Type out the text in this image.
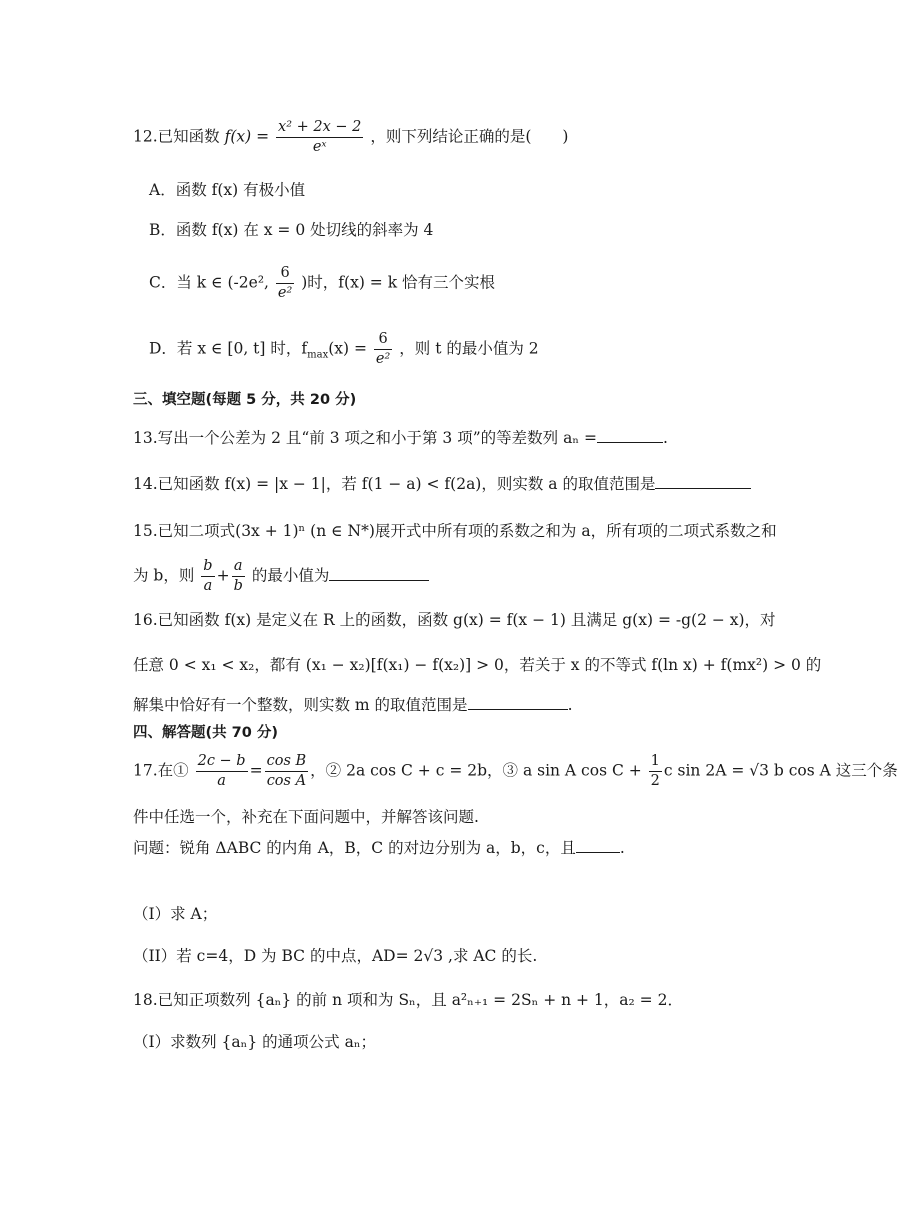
12.已知函数 $f(x) = \frac{\text{x² + 2x − 2}}{\text{eˣ}}$ ，则下列结论正确的是(　　)
A．函数 f(x) 有极小值
B．函数 f(x) 在 x = 0 处切线的斜率为 4
C．当 k ∈ (-2e², $\frac{6}{\text{e²}}$ )时，f(x) = k 恰有三个实根
D．若 x ∈ [0, t] 时，$f_{max}(x) = \frac{6}{\text{e²}}$ ，则 t 的最小值为 2
三、填空题(每题 5 分，共 20 分)
13.写出一个公差为 2 且“前 3 项之和小于第 3 项”的等差数列 aₙ =	.
14.已知函数 f(x) = |x − 1|，若 f(1 − a) < f(2a)，则实数 a 的取值范围是
15.已知二项式(3x + 1)ⁿ (n ∈ N*)展开式中所有项的系数之和为 a，所有项的二项式系数之和
为 b，则 $\frac{b}{a} + \frac{a}{b}$ 的最小值为
16.已知函数 f(x) 是定义在 R 上的函数，函数 g(x) = f(x − 1) 且满足 g(x) = -g(2 − x)，对
任意 0 < x₁ < x₂，都有 (x₁ − x₂)[f(x₁) − f(x₂)] > 0，若关于 x 的不等式 f(ln x) + f(mx²) > 0 的
解集中恰好有一个整数，则实数 m 的取值范围是	.
四、解答题(共 70 分)
17.在① $\frac{2c - b}{a} = \frac{\text{cos B}}{\text{cos A}}$ ，② 2a cos C + c = 2b，③ a sin A $\cos C + \frac{1}{2}$ c sin 2A = √3 b cos A 这三个条
件中任选一个，补充在下面问题中，并解答该问题.
问题：锐角 ΔABC 的内角 A，B，C 的对边分别为 a，b，c，且	.
（I）求 A；
（II）若 c=4，D 为 BC 的中点，AD= 2√3 ,求 AC 的长.
18.已知正项数列 {aₙ} 的前 n 项和为 Sₙ，且 a²ₙ₊₁ = 2Sₙ + n + 1，a₂ = 2．
（I）求数列 {aₙ} 的通项公式 aₙ；
